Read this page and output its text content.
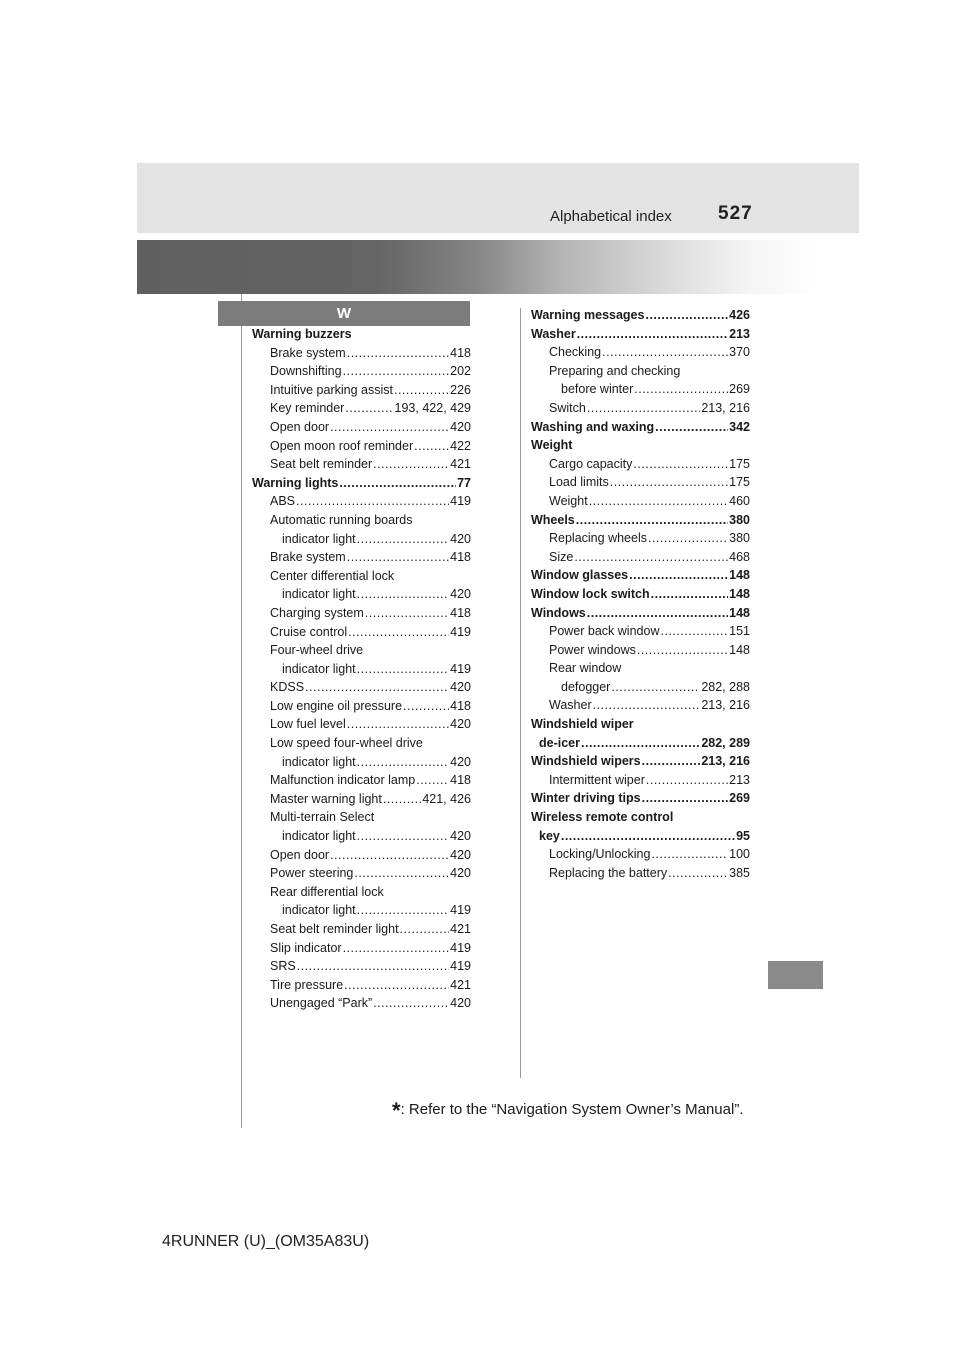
Alphabetical index 527
W
Warning buzzers
Brake system .....	418
Downshifting .....	202
Intuitive parking assist .....	226
Key reminder .....	193, 422, 429
Open door .....	420
Open moon roof reminder .....	422
Seat belt reminder .....	421
Warning lights .....	77
ABS .....	419
Automatic running boards
indicator light .....	420
Brake system .....	418
Center differential lock
indicator light .....	420
Charging system .....	418
Cruise control .....	419
Four-wheel drive
indicator light .....	419
KDSS .....	420
Low engine oil pressure .....	418
Low fuel level .....	420
Low speed four-wheel drive
indicator light .....	420
Malfunction indicator lamp .....	418
Master warning light .....	421, 426
Multi-terrain Select
indicator light .....	420
Open door .....	420
Power steering .....	420
Rear differential lock
indicator light .....	419
Seat belt reminder light .....	421
Slip indicator .....	419
SRS .....	419
Tire pressure .....	421
Unengaged “Park” .....	420
Warning messages .....	426
Washer .....	213
Checking .....	370
Preparing and checking
before winter .....	269
Switch .....	213, 216
Washing and waxing .....	342
Weight
Cargo capacity .....	175
Load limits .....	175
Weight .....	460
Wheels .....	380
Replacing wheels .....	380
Size .....	468
Window glasses .....	148
Window lock switch .....	148
Windows .....	148
Power back window .....	151
Power windows .....	148
Rear window
defogger .....	282, 288
Washer .....	213, 216
Windshield wiper
de-icer .....	282, 289
Windshield wipers .....	213, 216
Intermittent wiper .....	213
Winter driving tips .....	269
Wireless remote control
key .....	95
Locking/Unlocking .....	100
Replacing the battery .....	385
*: Refer to the “Navigation System Owner’s Manual”.
4RUNNER (U)_(OM35A83U)
